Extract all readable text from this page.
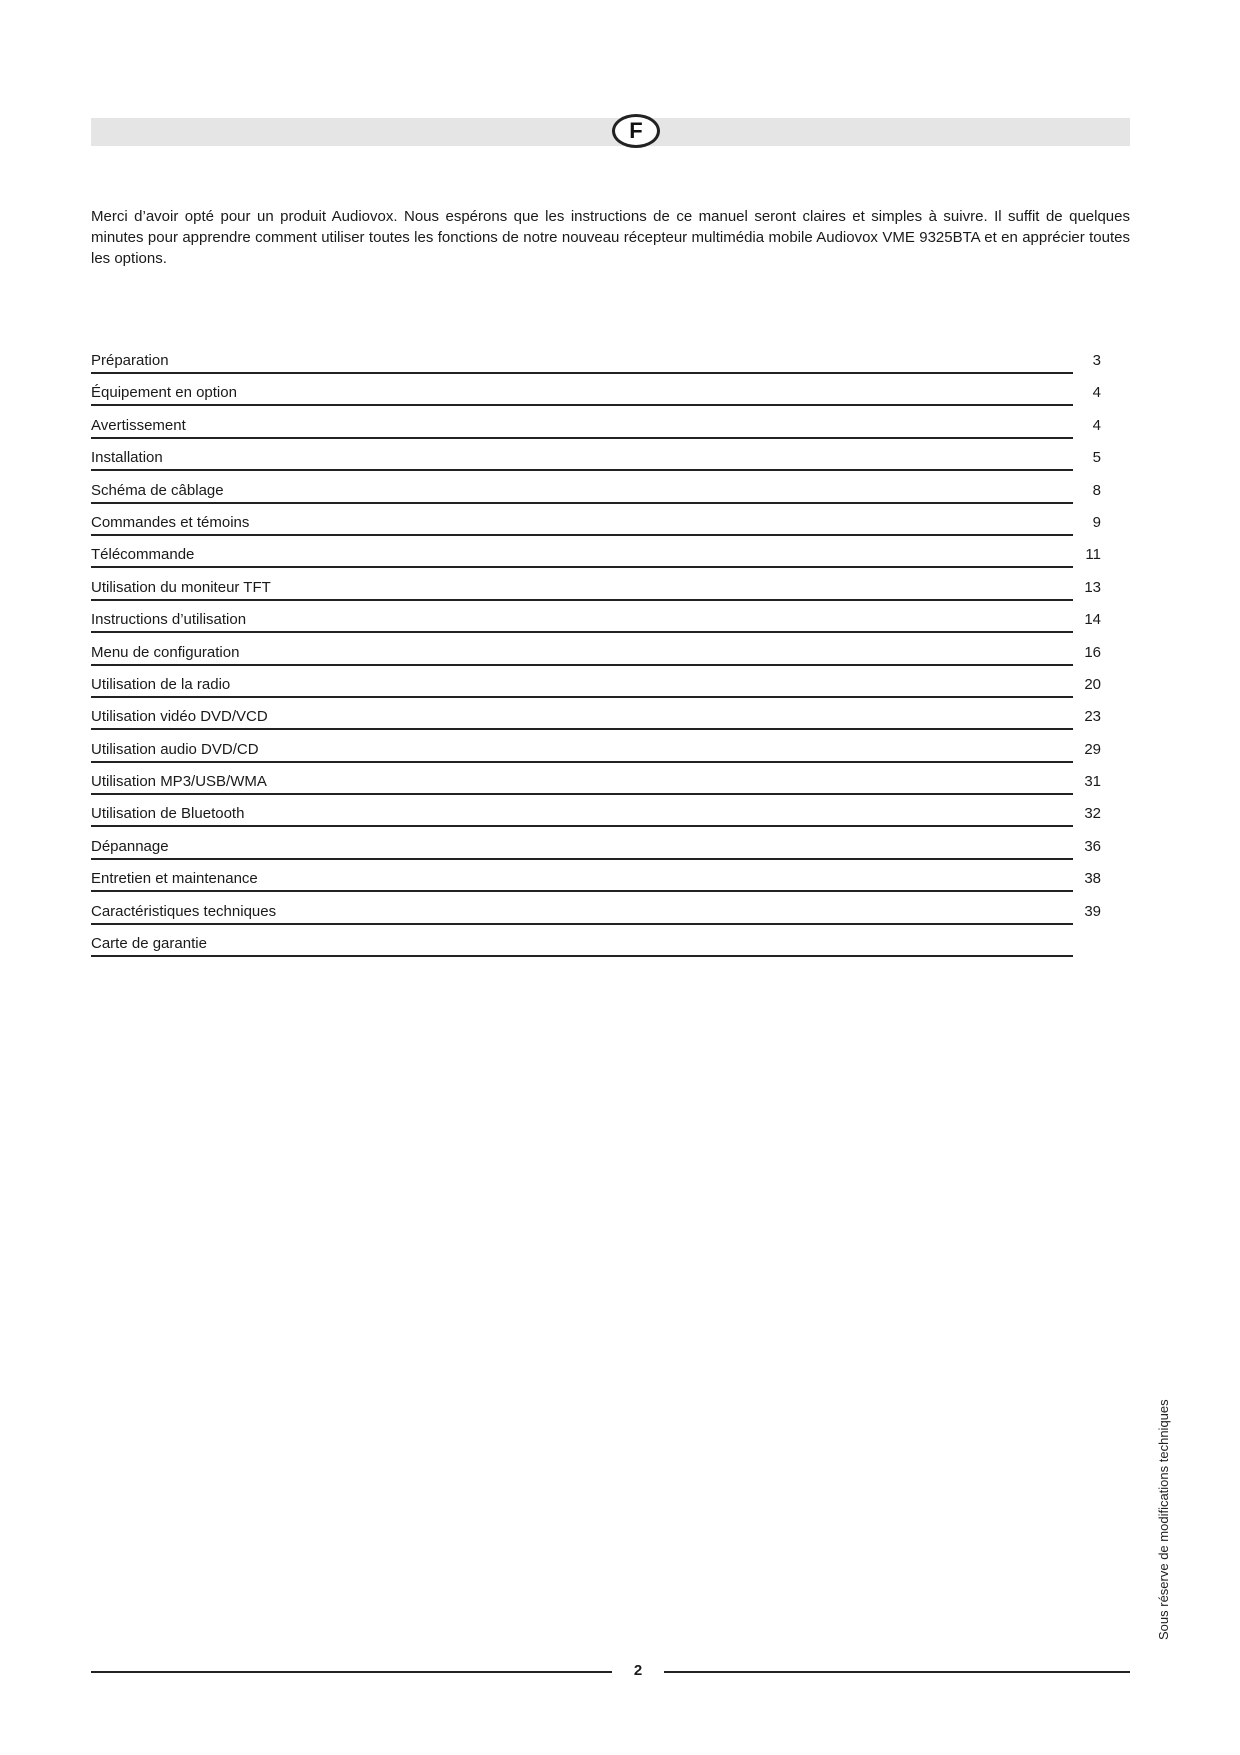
F

Merci d’avoir opté pour un produit Audiovox. Nous espérons que les instructions de ce manuel seront claires et simples à suivre. Il suffit de quelques minutes pour apprendre comment utiliser toutes les fonctions de notre nouveau récepteur multimédia mobile Audiovox VME 9325BTA et en apprécier toutes les options.

Préparation	3
Équipement en option	4
Avertissement	4
Installation	5
Schéma de câblage	8
Commandes et témoins	9
Télécommande	11
Utilisation du moniteur TFT	13
Instructions d’utilisation	14
Menu de configuration	16
Utilisation de la radio	20
Utilisation vidéo DVD/VCD	23
Utilisation audio DVD/CD	29
Utilisation MP3/USB/WMA	31
Utilisation de Bluetooth	32
Dépannage	36
Entretien et maintenance	38
Caractéristiques techniques	39
Carte de garantie
Sous réserve de modifications techniques
2
